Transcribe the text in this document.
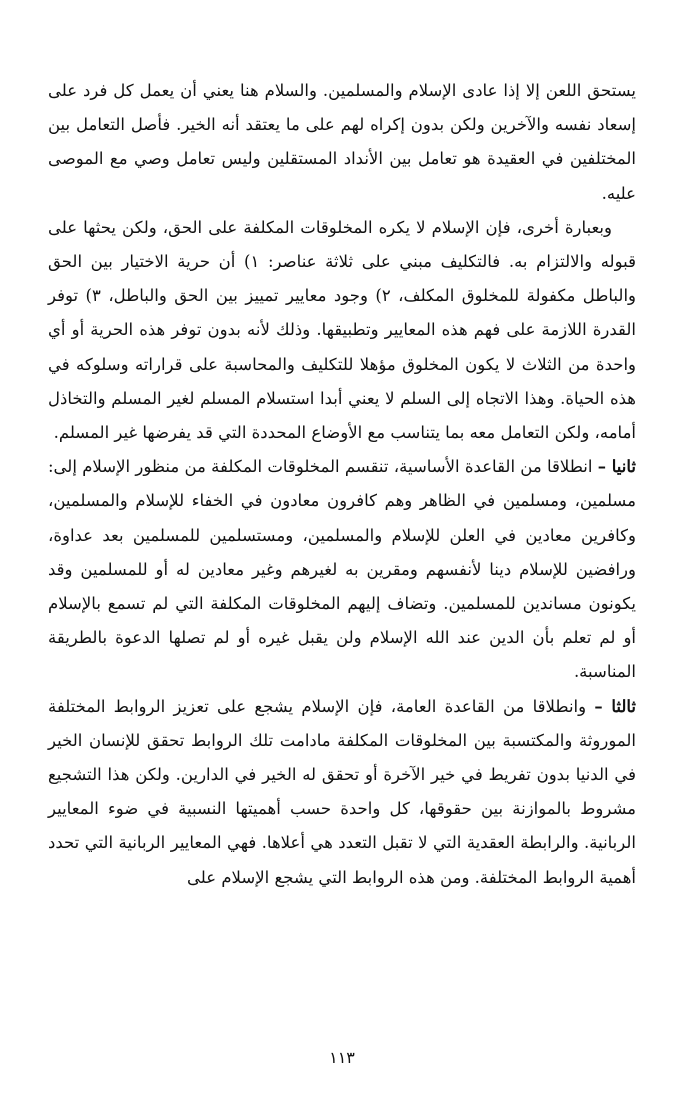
يستحق اللعن إلا إذا عادى الإسلام والمسلمين. والسلام هنا يعني أن يعمل كل فرد على إسعاد نفسه والآخرين ولكن بدون إكراه لهم على ما يعتقد أنه الخير. فأصل التعامل بين المختلفين في العقيدة هو تعامل بين الأنداد المستقلين وليس تعامل وصي مع الموصى عليه.

وبعبارة أخرى، فإن الإسلام لا يكره المخلوقات المكلفة على الحق، ولكن يحثها على قبوله والالتزام به. فالتكليف مبني على ثلاثة عناصر: ١) أن حرية الاختيار بين الحق والباطل مكفولة للمخلوق المكلف، ٢) وجود معايير تمييز بين الحق والباطل، ٣) توفر القدرة اللازمة على فهم هذه المعايير وتطبيقها. وذلك لأنه بدون توفر هذه الحرية أو أي واحدة من الثلاث لا يكون المخلوق مؤهلا للتكليف والمحاسبة على قراراته وسلوكه في هذه الحياة. وهذا الاتجاه إلى السلم لا يعني أبدا استسلام المسلم لغير المسلم والتخاذل أمامه، ولكن التعامل معه بما يتناسب مع الأوضاع المحددة التي قد يفرضها غير المسلم.

ثانيا – انطلاقا من القاعدة الأساسية، تنقسم المخلوقات المكلفة من منظور الإسلام إلى: مسلمين، ومسلمين في الظاهر وهم كافرون معادون في الخفاء للإسلام والمسلمين، وكافرين معادين في العلن للإسلام والمسلمين، ومستسلمين للمسلمين بعد عداوة، ورافضين للإسلام دينا لأنفسهم ومقرين به لغيرهم وغير معادين له أو للمسلمين وقد يكونون مساندين للمسلمين. وتضاف إليهم المخلوقات المكلفة التي لم تسمع بالإسلام أو لم تعلم بأن الدين عند الله الإسلام ولن يقبل غيره أو لم تصلها الدعوة بالطريقة المناسبة.

ثالثا – وانطلاقا من القاعدة العامة، فإن الإسلام يشجع على تعزيز الروابط المختلفة الموروثة والمكتسبة بين المخلوقات المكلفة مادامت تلك الروابط تحقق للإنسان الخير في الدنيا بدون تفريط في خير الآخرة أو تحقق له الخير في الدارين. ولكن هذا التشجيع مشروط بالموازنة بين حقوقها، كل واحدة حسب أهميتها النسبية في ضوء المعايير الربانية. والرابطة العقدية التي لا تقبل التعدد هي أعلاها. فهي المعايير الربانية التي تحدد أهمية الروابط المختلفة. ومن هذه الروابط التي يشجع الإسلام على

١١٣
